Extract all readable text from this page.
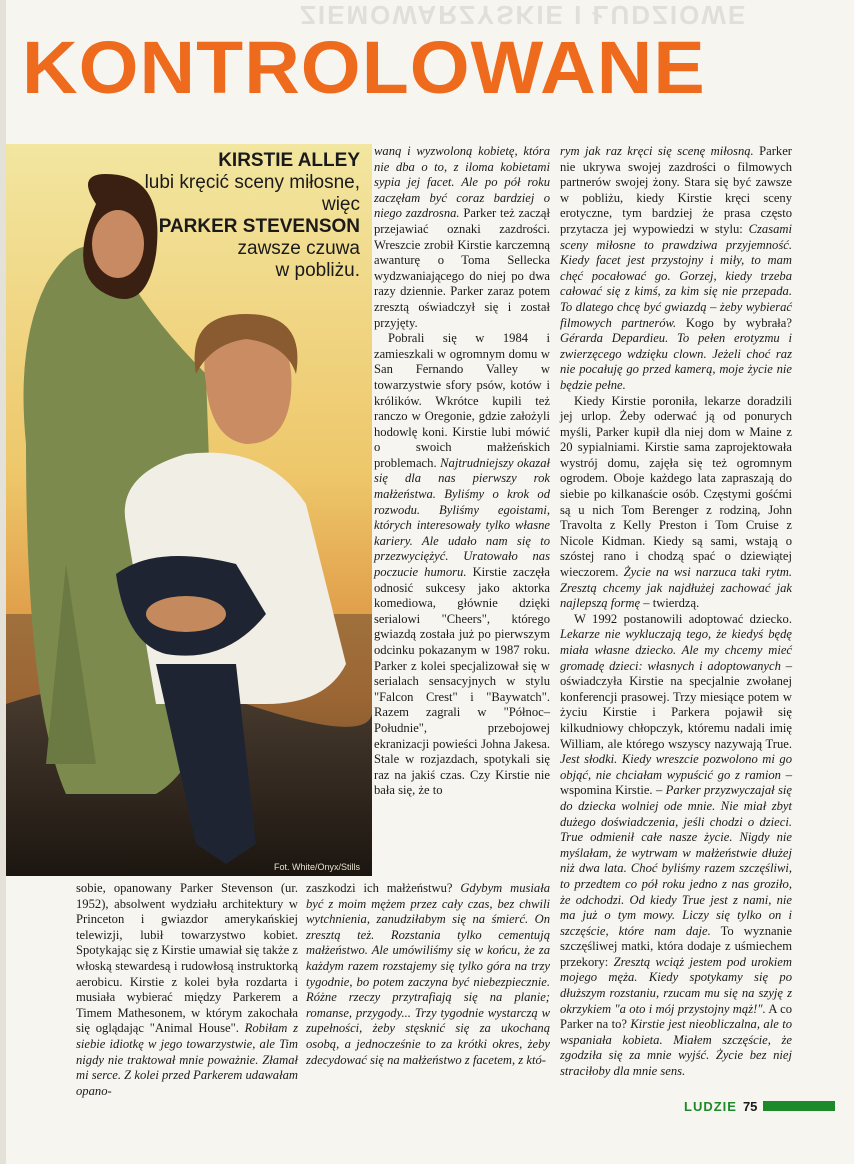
ZIEMOWARZYSKIE I ŁUDZIOWE
KONTROLOWANE
KIRSTIE ALLEY
lubi kręcić sceny miłosne,
więc
PARKER STEVENSON
zawsze czuwa
w pobliżu.
Fot. White/Onyx/Stills

wanq i wyzwoloną kobietę, która nie dba o to, z iloma kobietami sypia jej facet. Ale po pół roku zaczęłam być coraz bardziej o niego zazdrosna. Parker też zaczął przejawiać oznaki zazdrości. Wreszcie zrobił Kirstie karczemną awanturę o Toma Sellecka wydzwaniającego do niej po dwa razy dziennie. Parker zaraz potem zresztą oświadczył się i został przyjęty.

Pobrali się w 1984 i zamieszkali w ogromnym domu w San Fernando Valley w towarzystwie sfory psów, kotów i królików. Wkrótce kupili też ranczo w Oregonie, gdzie założyli hodowlę koni. Kirstie lubi mówić o swoich małżeńskich problemach. Najtrudniejszy okazał się dla nas pierwszy rok małżeństwa. Byliśmy o krok od rozwodu. Byliśmy egoistami, których interesowały tylko własne kariery. Ale udało nam się to przezwyciężyć. Uratowało nas poczucie humoru. Kirstie zaczęła odnosić sukcesy jako aktorka komediowa, głównie dzięki serialowi "Cheers", którego gwiazdą została już po pierwszym odcinku pokazanym w 1987 roku. Parker z kolei specjalizował się w serialach sensacyjnych w stylu "Falcon Crest" i "Baywatch". Razem zagrali w "Północ–Południe", przebojowej ekranizacji powieści Johna Jakesa. Stale w rozjazdach, spotykali się raz na jakiś czas. Czy Kirstie nie bała się, że to

rym jak raz kręci się scenę miłosną. Parker nie ukrywa swojej zazdrości o filmowych partnerów swojej żony. Stara się być zawsze w pobliżu, kiedy Kirstie kręci sceny erotyczne, tym bardziej że prasa często przytacza jej wypowiedzi w stylu: Czasami sceny miłosne to prawdziwa przyjemność. Kiedy facet jest przystojny i miły, to mam chęć pocałować go. Gorzej, kiedy trzeba całować się z kimś, za kim się nie przepada. To dlatego chcę być gwiazdą – żeby wybierać filmowych partnerów. Kogo by wybrała? Gérarda Depardieu. To pełen erotyzmu i zwierzęcego wdzięku clown. Jeżeli choć raz nie pocałuję go przed kamerą, moje życie nie będzie pełne.

Kiedy Kirstie poroniła, lekarze doradzili jej urlop. Żeby oderwać ją od ponurych myśli, Parker kupił dla niej dom w Maine z 20 sypialniami. Kirstie sama zaprojektowała wystrój domu, zajęła się też ogromnym ogrodem. Oboje każdego lata zapraszają do siebie po kilkanaście osób. Częstymi gośćmi są u nich Tom Berenger z rodziną, John Travolta z Kelly Preston i Tom Cruise z Nicole Kidman. Kiedy są sami, wstają o szóstej rano i chodzą spać o dziewiątej wieczorem. Życie na wsi narzuca taki rytm. Zresztą chcemy jak najdłużej zachować jak najlepszą formę – twierdzą.

W 1992 postanowili adoptować dziecko. Lekarze nie wykluczają tego, że kiedyś będę miała własne dziecko. Ale my chcemy mieć gromadę dzieci: własnych i adoptowanych – oświadczyła Kirstie na specjalnie zwołanej konferencji prasowej. Trzy miesiące potem w życiu Kirstie i Parkera pojawił się kilkudniowy chłopczyk, któremu nadali imię William, ale którego wszyscy nazywają True. Jest słodki. Kiedy wreszcie pozwolono mi go objąć, nie chciałam wypuścić go z ramion – wspomina Kirstie. – Parker przyzwyczajał się do dziecka wolniej ode mnie. Nie miał zbyt dużego doświadczenia, jeśli chodzi o dzieci. True odmienił całe nasze życie. Nigdy nie myślałam, że wytrwam w małżeństwie dłużej niż dwa lata. Choć byliśmy razem szczęśliwi, to przedtem co pół roku jedno z nas groziło, że odchodzi. Od kiedy True jest z nami, nie ma już o tym mowy. Liczy się tylko on i szczęście, które nam daje. To wyznanie szczęśliwej matki, która dodaje z uśmiechem przekory: Zresztą wciąż jestem pod urokiem mojego męża. Kiedy spotykamy się po dłuższym rozstaniu, rzucam mu się na szyję z okrzykiem "a oto i mój przystojny mąż!". A co Parker na to? Kirstie jest nieobliczalna, ale to wspaniała kobieta. Miałem szczęście, że zgodziła się za mnie wyjść. Życie bez niej straciłoby dla mnie sens.

sobie, opanowany Parker Stevenson (ur. 1952), absolwent wydziału architektury w Princeton i gwiazdor amerykańskiej telewizji, lubił towarzystwo kobiet. Spotykając się z Kirstie umawiał się także z włoską stewardesą i rudowłosą instruktorką aerobicu. Kirstie z kolei była rozdarta i musiała wybierać między Parkerem a Timem Mathesonem, w którym zakochała się oglądając "Animal House". Robiłam z siebie idiotkę w jego towarzystwie, ale Tim nigdy nie traktował mnie poważnie. Złamał mi serce. Z kolei przed Parkerem udawałam opano-

zaszkodzi ich małżeństwu? Gdybym musiała być z moim mężem przez cały czas, bez chwili wytchnienia, zanudziłabym się na śmierć. On zresztą też. Rozstania tylko cementują małżeństwo. Ale umówiliśmy się w końcu, że za każdym razem rozstajemy się tylko góra na trzy tygodnie, bo potem zaczyna być niebezpiecznie. Różne rzeczy przytrafiają się na planie; romanse, przygody... Trzy tygodnie wystarczą w zupełności, żeby stęsknić się za ukochaną osobą, a jednocześnie to za krótki okres, żeby zdecydować się na małżeństwo z facetem, z któ-

LUDZIE 75
